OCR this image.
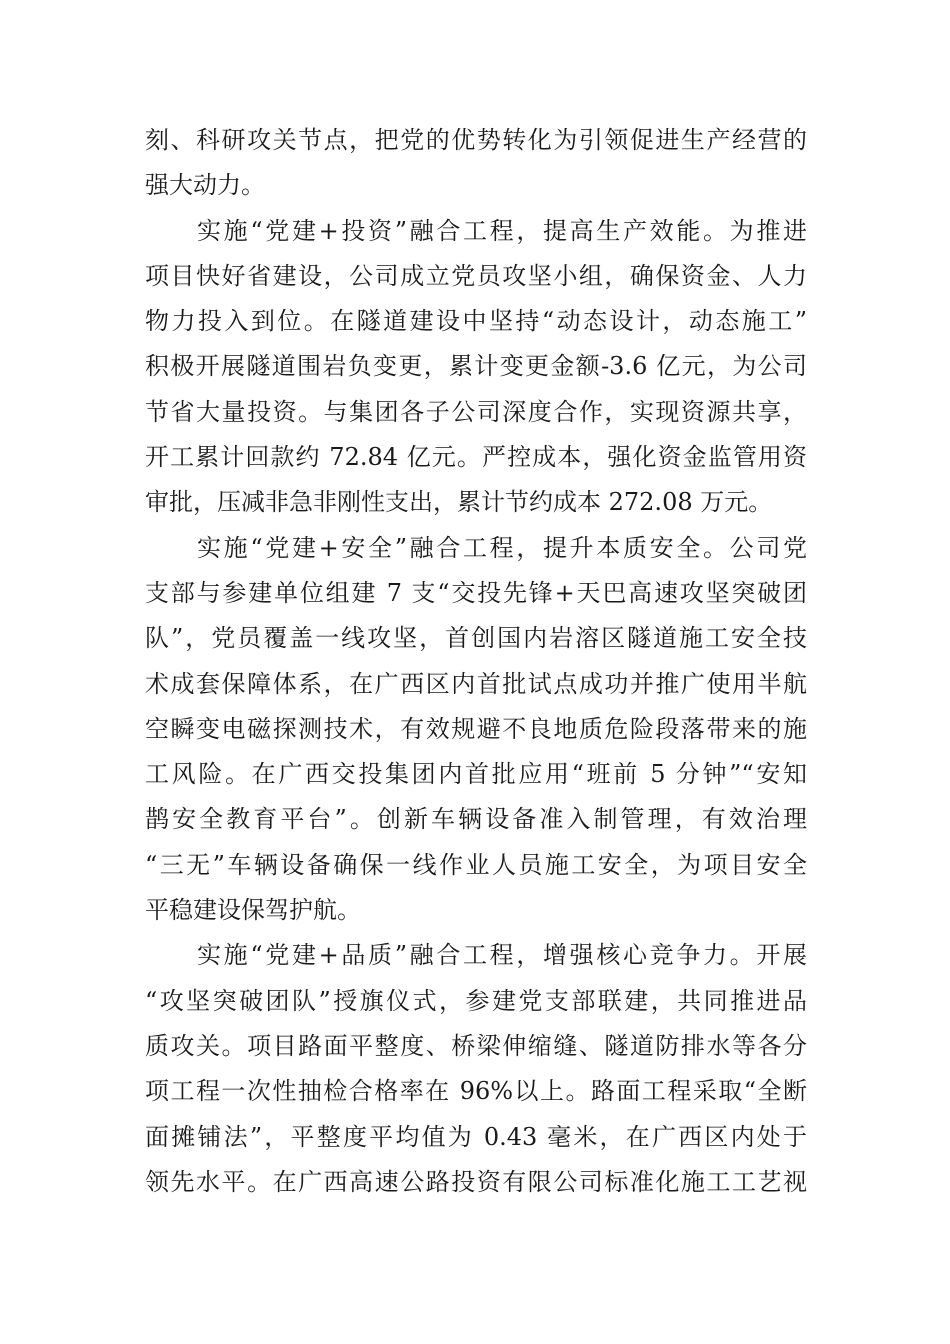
刻、科研攻关节点，把党的优势转化为引领促进生产经营的
强大动力。
实施“党建+投资”融合工程，提高生产效能。为推进
项目快好省建设，公司成立党员攻坚小组，确保资金、人力
物力投入到位。在隧道建设中坚持“动态设计，动态施工”
积极开展隧道围岩负变更，累计变更金额-3.6 亿元，为公司
节省大量投资。与集团各子公司深度合作，实现资源共享，
开工累计回款约 72.84 亿元。严控成本，强化资金监管用资
审批，压减非急非刚性支出，累计节约成本 272.08 万元。
实施“党建+安全”融合工程，提升本质安全。公司党
支部与参建单位组建 7 支“交投先锋+天巴高速攻坚突破团
队”，党员覆盖一线攻坚，首创国内岩溶区隧道施工安全技
术成套保障体系，在广西区内首批试点成功并推广使用半航
空瞬变电磁探测技术，有效规避不良地质危险段落带来的施
工风险。在广西交投集团内首批应用“班前 5 分钟”“安知
鹊安全教育平台”。创新车辆设备准入制管理，有效治理
“三无”车辆设备确保一线作业人员施工安全，为项目安全
平稳建设保驾护航。
实施“党建+品质”融合工程，增强核心竞争力。开展
“攻坚突破团队”授旗仪式，参建党支部联建，共同推进品
质攻关。项目路面平整度、桥梁伸缩缝、隧道防排水等各分
项工程一次性抽检合格率在 96%以上。路面工程采取“全断
面摊铺法”，平整度平均值为 0.43 毫米，在广西区内处于
领先水平。在广西高速公路投资有限公司标准化施工工艺视
